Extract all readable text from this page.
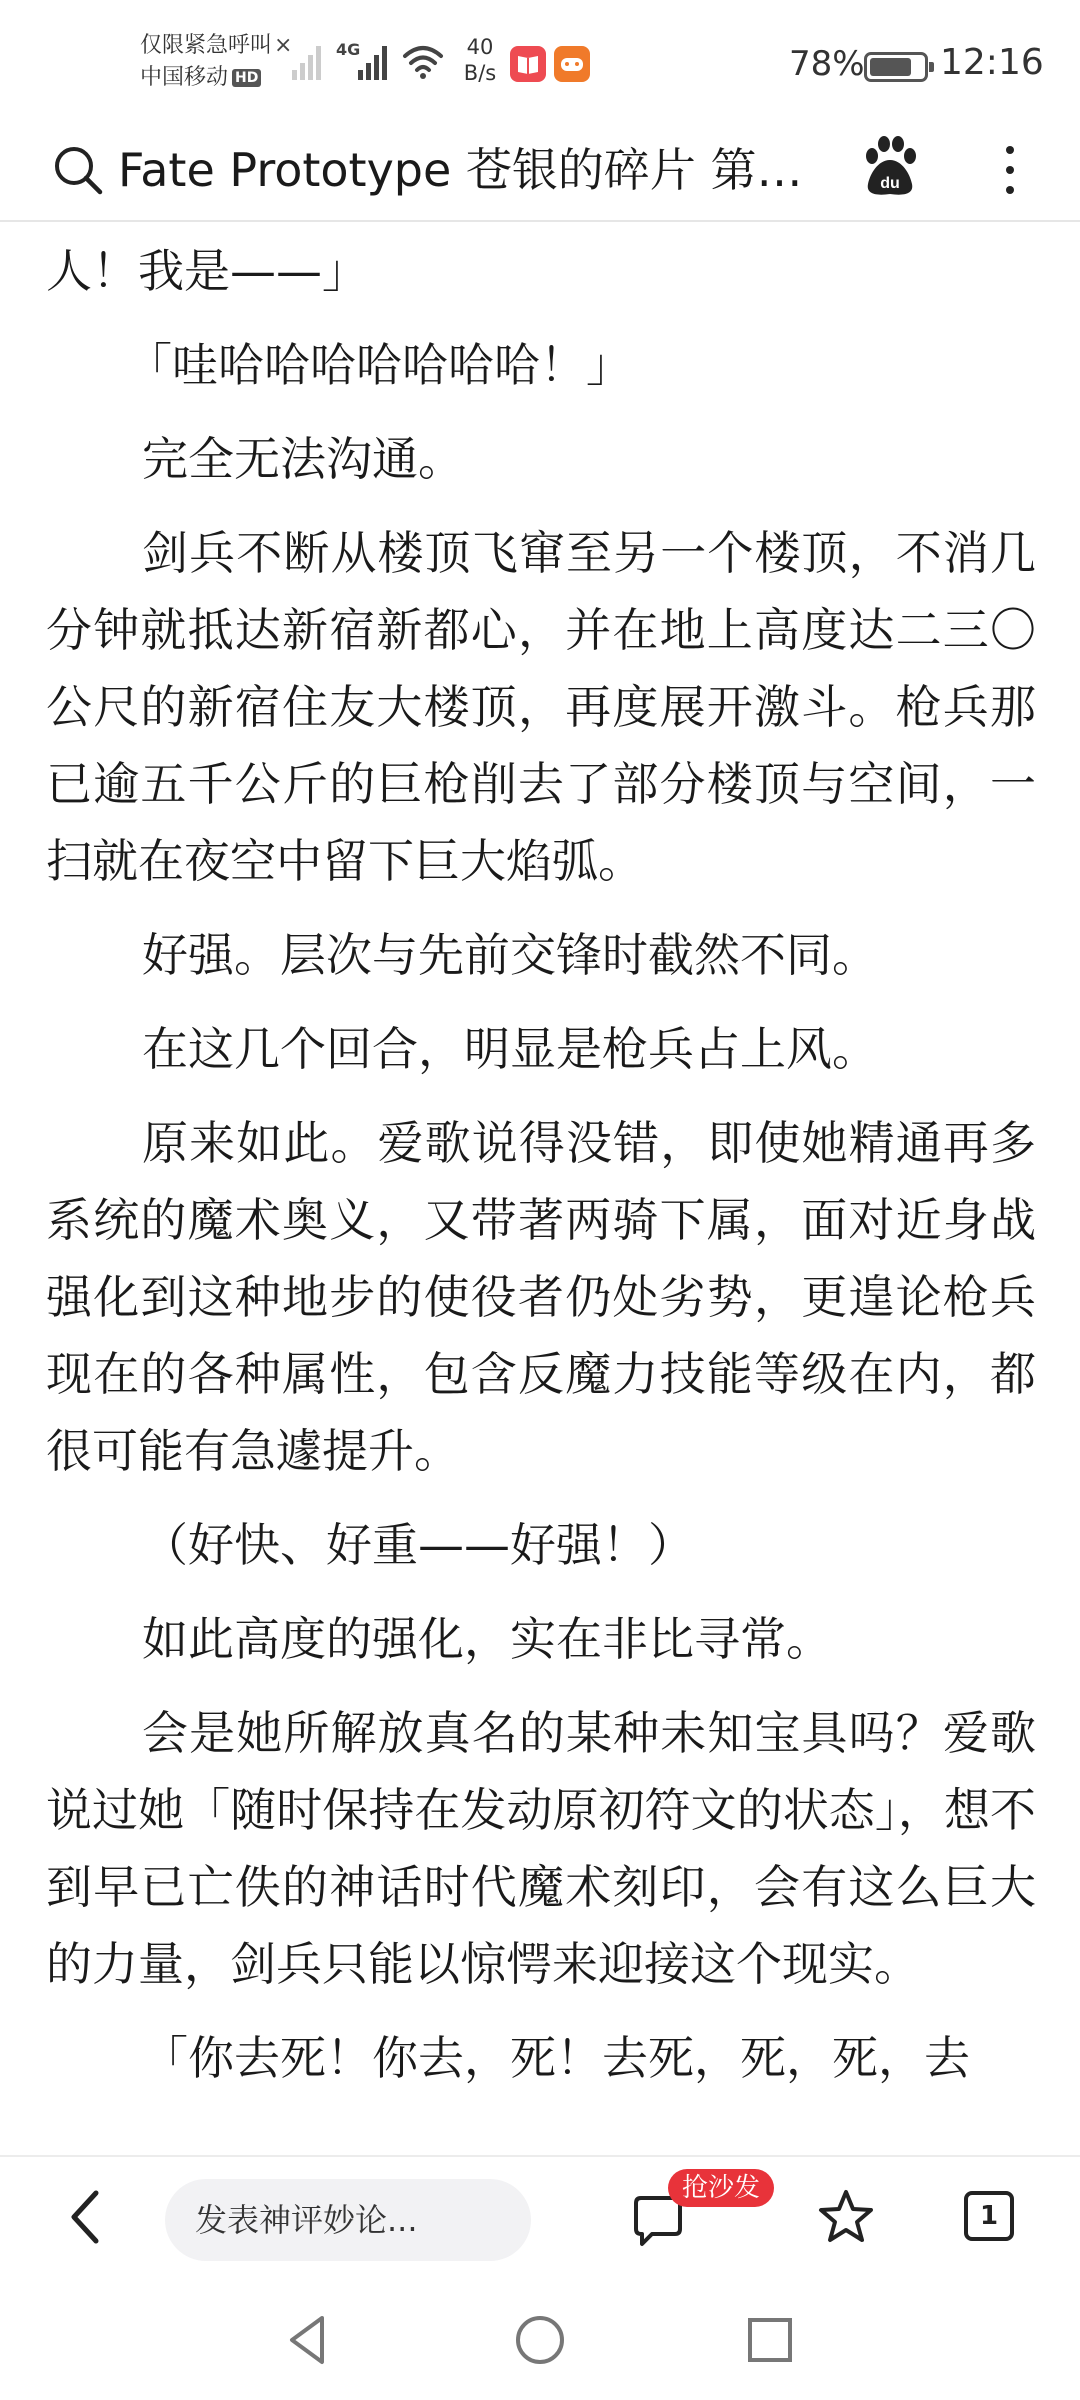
仅限紧急呼叫 ×
中国移动 HD
4G	40
B/s	78% 12:16
Fate Prototype 苍银的碎片 第…	du

人！我是——」

「哇哈哈哈哈哈哈哈！」

完全无法沟通。

剑兵不断从楼顶飞窜至另一个楼顶，不消几分钟就抵达新宿新都心，并在地上高度达二三〇公尺的新宿住友大楼顶，再度展开激斗。枪兵那已逾五千公斤的巨枪削去了部分楼顶与空间，一扫就在夜空中留下巨大焰弧。

好强。层次与先前交锋时截然不同。

在这几个回合，明显是枪兵占上风。

原来如此。爱歌说得没错，即使她精通再多系统的魔术奥义，又带著两骑下属，面对近身战强化到这种地步的使役者仍处劣势，更遑论枪兵现在的各种属性，包含反魔力技能等级在内，都很可能有急遽提升。

（好快、好重——好强！）

如此高度的强化，实在非比寻常。

会是她所解放真名的某种未知宝具吗？爱歌说过她「随时保持在发动原初符文的状态」，想不到早已亡佚的神话时代魔术刻印，会有这么巨大的力量，剑兵只能以惊愕来迎接这个现实。

「你去死！你去，死！去死，死，死，去

发表神评妙论...
抢沙发
1
